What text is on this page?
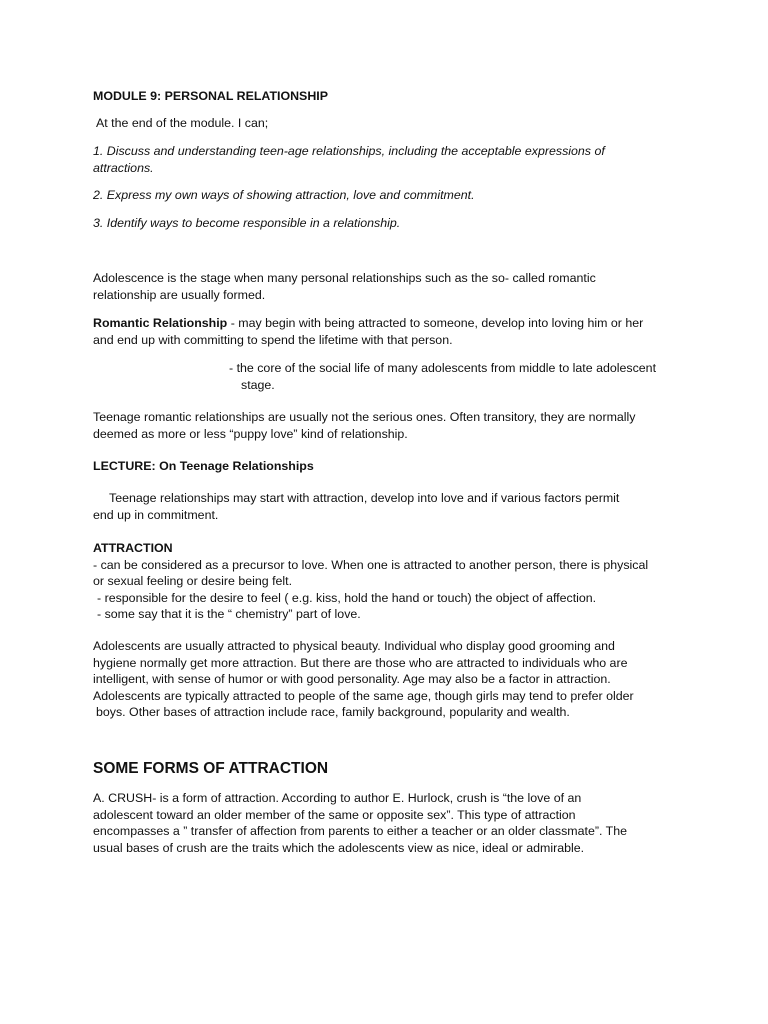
MODULE 9: PERSONAL RELATIONSHIP
At the end of the module. I can;
1. Discuss and understanding teen-age relationships, including the acceptable expressions of
attractions.
2. Express my own ways of showing attraction, love and commitment.
3. Identify ways to become responsible in a relationship.
Adolescence is the stage when many personal relationships such as the so- called romantic
relationship are usually formed.
Romantic Relationship - may begin with being attracted to someone, develop into loving him or her
and end up with committing to spend the lifetime with that person.
- the core of the social life of many adolescents from middle to late adolescent
stage.
Teenage romantic relationships are usually not the serious ones. Often transitory, they are normally
deemed as more or less “puppy love” kind of relationship.
LECTURE: On Teenage Relationships
Teenage relationships may start with attraction, develop into love and if various factors permit
end up in commitment.
ATTRACTION
- can be considered as a precursor to love. When one is attracted to another person, there is physical
or sexual feeling or desire being felt.
- responsible for the desire to feel ( e.g. kiss, hold the hand or touch) the object of affection.
- some say that it is the “ chemistry” part of love.
Adolescents are usually attracted to physical beauty. Individual who display good grooming and
hygiene normally get more attraction. But there are those who are attracted to individuals who are
intelligent, with sense of humor or with good personality. Age may also be a factor in attraction.
Adolescents are typically attracted to people of the same age, though girls may tend to prefer older
boys. Other bases of attraction include race, family background, popularity and wealth.
SOME FORMS OF ATTRACTION
A. CRUSH- is a form of attraction. According to author E. Hurlock, crush is “the love of an
adolescent toward an older member of the same or opposite sex”. This type of attraction
encompasses a ” transfer of affection from parents to either a teacher or an older classmate”. The
usual bases of crush are the traits which the adolescents view as nice, ideal or admirable.
